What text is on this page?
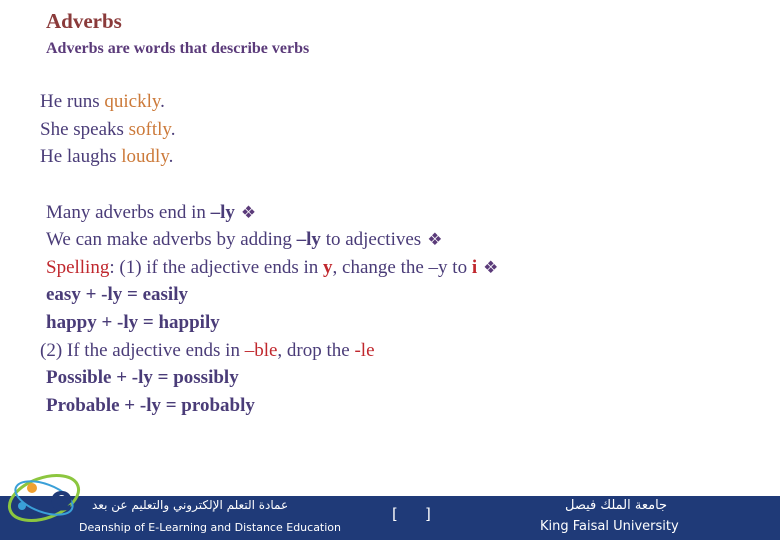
Adverbs
Adverbs are words that describe verbs
He runs quickly.
She speaks softly.
He laughs loudly.
Many adverbs end in –ly ❖
We can make adverbs by adding –ly to adjectives ❖
Spelling: (1) if the adjective ends in y, change the –y to i ❖
easy + -ly = easily
happy + -ly = happily
(2) If the adjective ends in –ble, drop the -le
Possible + -ly = possibly
Probable + -ly = probably
e عمادة التعلم الإلكتروني والتعليم عن بعد
Deanship of E-Learning and Distance Education
[ ]	جامعة الملك فيصل
King Faisal University
